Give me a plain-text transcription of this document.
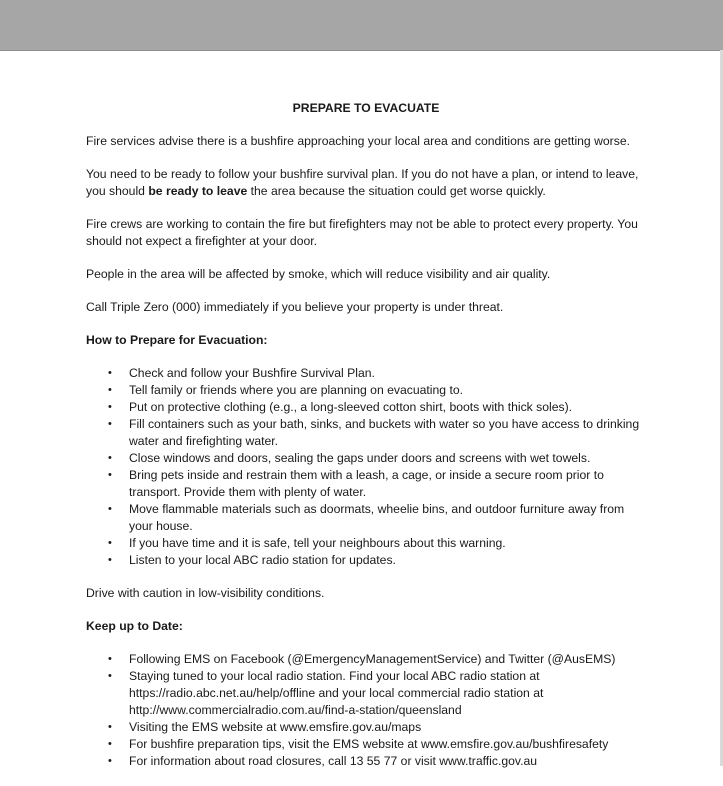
PREPARE TO EVACUATE

Fire services advise there is a bushfire approaching your local area and conditions are getting worse.

You need to be ready to follow your bushfire survival plan. If you do not have a plan, or intend to leave, you should be ready to leave the area because the situation could get worse quickly.

Fire crews are working to contain the fire but firefighters may not be able to protect every property. You should not expect a firefighter at your door.

People in the area will be affected by smoke, which will reduce visibility and air quality.

Call Triple Zero (000) immediately if you believe your property is under threat.

How to Prepare for Evacuation:
• Check and follow your Bushfire Survival Plan.
• Tell family or friends where you are planning on evacuating to.
• Put on protective clothing (e.g., a long-sleeved cotton shirt, boots with thick soles).
• Fill containers such as your bath, sinks, and buckets with water so you have access to drinking water and firefighting water.
• Close windows and doors, sealing the gaps under doors and screens with wet towels.
• Bring pets inside and restrain them with a leash, a cage, or inside a secure room prior to transport. Provide them with plenty of water.
• Move flammable materials such as doormats, wheelie bins, and outdoor furniture away from your house.
• If you have time and it is safe, tell your neighbours about this warning.
• Listen to your local ABC radio station for updates.

Drive with caution in low-visibility conditions.

Keep up to Date:
• Following EMS on Facebook (@EmergencyManagementService) and Twitter (@AusEMS)
• Staying tuned to your local radio station. Find your local ABC radio station at https://radio.abc.net.au/help/offline and your local commercial radio station at http://www.commercialradio.com.au/find-a-station/queensland
• Visiting the EMS website at www.emsfire.gov.au/maps
• For bushfire preparation tips, visit the EMS website at www.emsfire.gov.au/bushfiresafety
• For information about road closures, call 13 55 77 or visit www.traffic.gov.au
